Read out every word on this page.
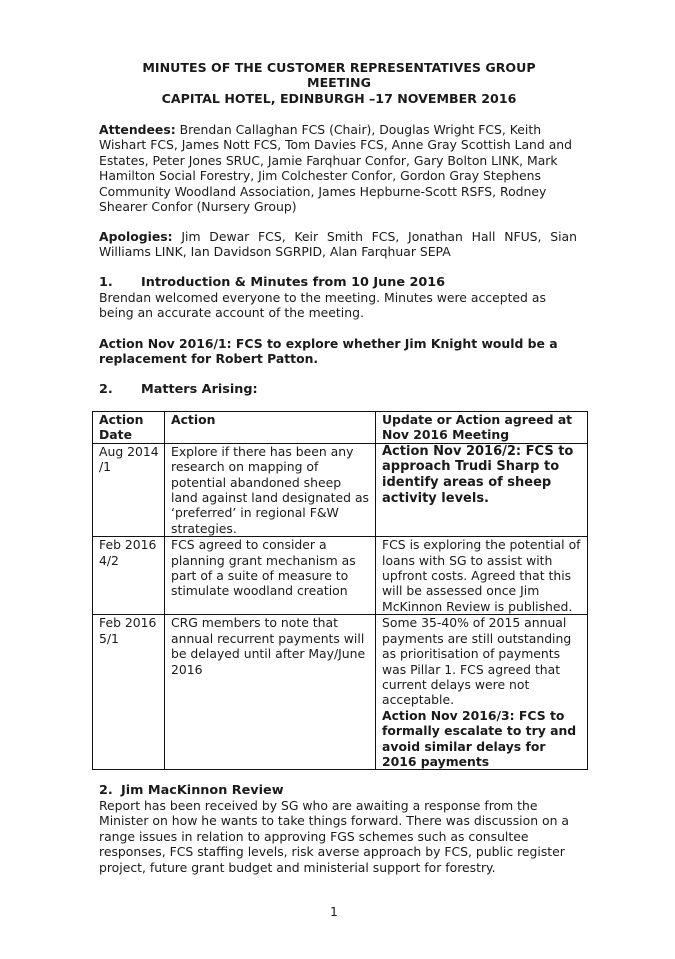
MINUTES OF THE CUSTOMER REPRESENTATIVES GROUP
MEETING
CAPITAL HOTEL, EDINBURGH –17 NOVEMBER 2016
Attendees: Brendan Callaghan FCS (Chair), Douglas Wright FCS, Keith Wishart FCS, James Nott FCS, Tom Davies FCS, Anne Gray Scottish Land and Estates, Peter Jones SRUC, Jamie Farqhuar Confor, Gary Bolton LINK, Mark Hamilton Social Forestry, Jim Colchester Confor, Gordon Gray Stephens Community Woodland Association, James Hepburne-Scott RSFS, Rodney Shearer Confor (Nursery Group)
Apologies: Jim Dewar FCS, Keir Smith FCS, Jonathan Hall NFUS, Sian Williams LINK, Ian Davidson SGRPID, Alan Farqhuar SEPA
1. Introduction & Minutes from 10 June 2016
Brendan welcomed everyone to the meeting. Minutes were accepted as being an accurate account of the meeting.
Action Nov 2016/1: FCS to explore whether Jim Knight would be a replacement for Robert Patton.
2. Matters Arising:
Action Date	Action	Update or Action agreed at Nov 2016 Meeting
Aug 2014 /1	Explore if there has been any research on mapping of potential abandoned sheep land against land designated as ‘preferred’ in regional F&W strategies.	Action Nov 2016/2: FCS to approach Trudi Sharp to identify areas of sheep activity levels.

Feb 2016 4/2	FCS agreed to consider a planning grant mechanism as part of a suite of measure to stimulate woodland creation	FCS is exploring the potential of loans with SG to assist with upfront costs. Agreed that this will be assessed once Jim McKinnon Review is published.

Feb 2016 5/1	CRG members to note that annual recurrent payments will be delayed until after May/June 2016	Some 35-40% of 2015 annual payments are still outstanding as prioritisation of payments was Pillar 1. FCS agreed that current delays were not acceptable.
Action Nov 2016/3: FCS to formally escalate to try and avoid similar delays for 2016 payments
2. Jim MacKinnon Review
Report has been received by SG who are awaiting a response from the Minister on how he wants to take things forward. There was discussion on a range issues in relation to approving FGS schemes such as consultee responses, FCS staffing levels, risk averse approach by FCS, public register project, future grant budget and ministerial support for forestry.
1
